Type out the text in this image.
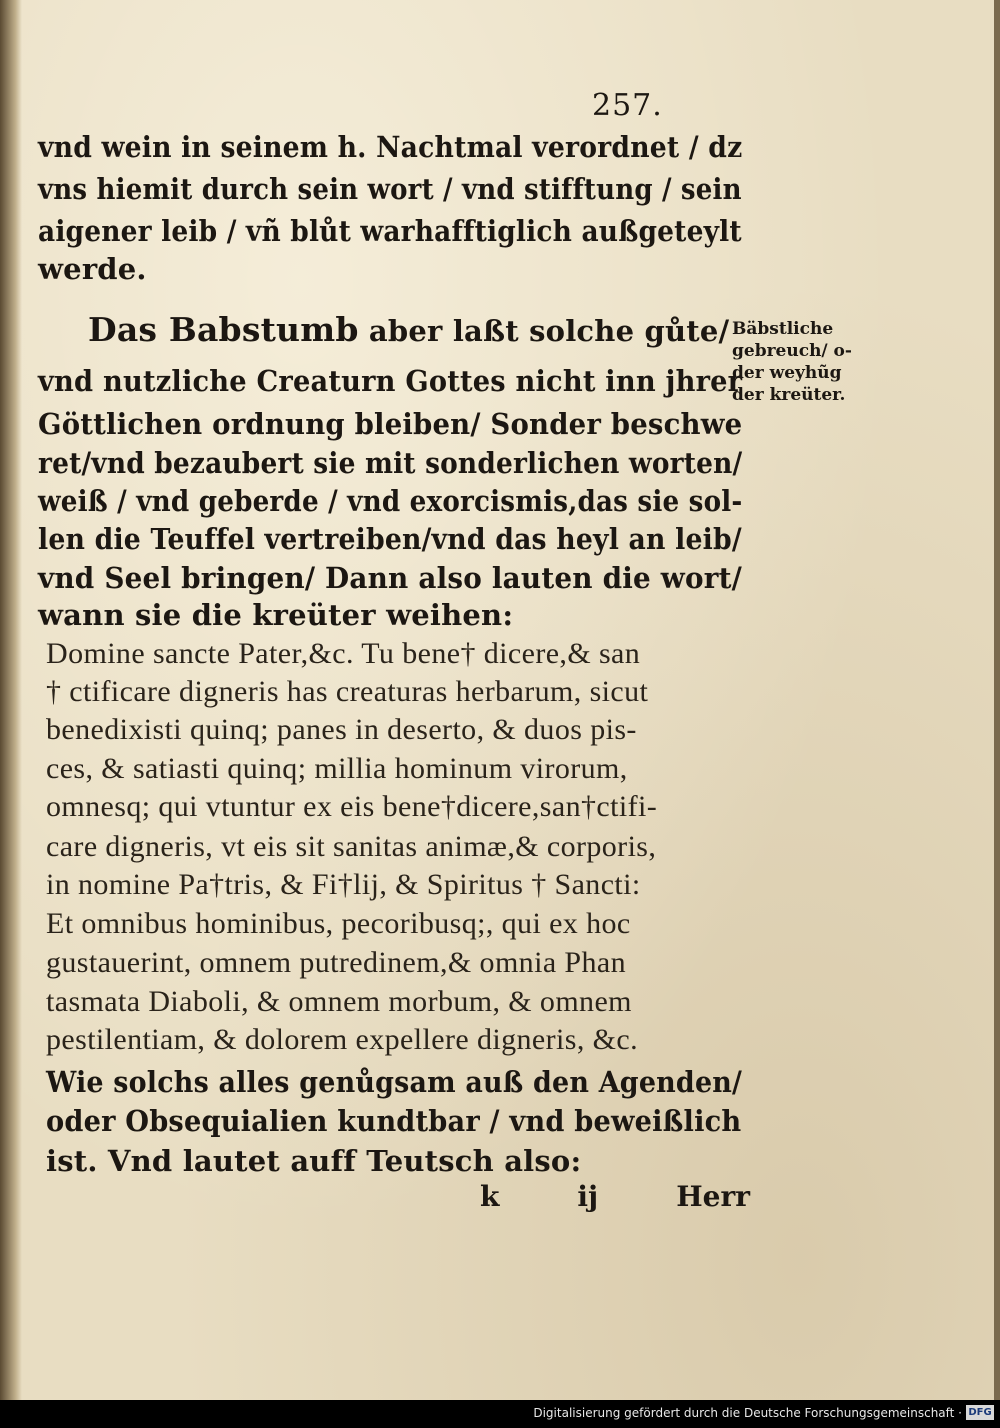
257.
vnd wein in seinem h. Nachtmal verordnet / dz
vns hiemit durch sein wort / vnd stifftung / sein
aigener leib / vñ blůt warhafftiglich außgeteylt
werde.
Das Babstumb aber laßt solche gůte/
vnd nutzliche Creaturn Gottes nicht inn jhrer
Göttlichen ordnung bleiben/ Sonder beschwe
ret/vnd bezaubert sie mit sonderlichen worten/
weiß / vnd geberde / vnd exorcismis,das sie sol-
len die Teuffel vertreiben/vnd das heyl an leib/
vnd Seel bringen/ Dann also lauten die wort/
wann sie die kreüter weihen:
Domine sancte Pater,&c. Tu bene† dicere,& san
† ctificare digneris has creaturas herbarum, sicut
benedixisti quinq; panes in deserto, & duos pis-
ces, & satiasti quinq; millia hominum virorum,
omnesq; qui vtuntur ex eis bene†dicere,san†ctifi-
care digneris, vt eis sit sanitas animæ,& corporis,
in nomine Pa†tris, & Fi†lij, & Spiritus † Sancti:
Et omnibus hominibus, pecoribusq;, qui ex hoc
gustauerint, omnem putredinem,& omnia Phan
tasmata Diaboli, & omnem morbum, & omnem
pestilentiam, & dolorem expellere digneris, &c.
Wie solchs alles genůgsam auß den Agenden/
oder Obsequialien kundtbar / vnd beweißlich
ist. Vnd lautet auff Teutsch also:
Bäbstliche
gebreuch/ o-
der weyhũg
der kreüter.
k	ij	Herr
Digitalisierung gefördert durch die Deutsche Forschungsgemeinschaft · DFG
